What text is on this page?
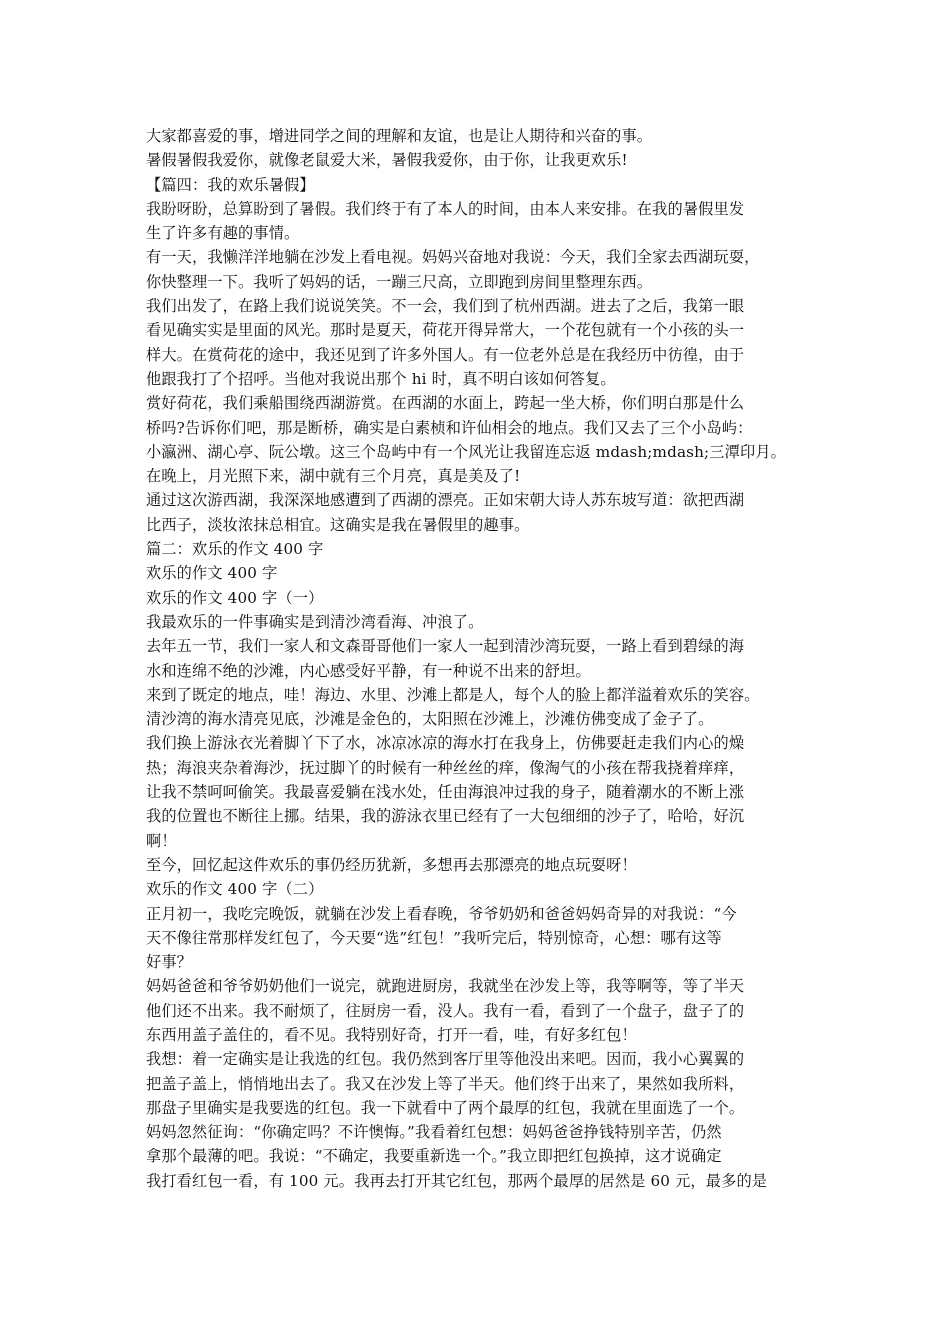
大家都喜爱的事，增进同学之间的理解和友谊，也是让人期待和兴奋的事。
暑假暑假我爱你，就像老鼠爱大米，暑假我爱你，由于你，让我更欢乐!
【篇四：我的欢乐暑假】
我盼呀盼，总算盼到了暑假。我们终于有了本人的时间，由本人来安排。在我的暑假里发
生了许多有趣的事情。
有一天，我懒洋洋地躺在沙发上看电视。妈妈兴奋地对我说：今天，我们全家去西湖玩耍，
你快整理一下。我听了妈妈的话，一蹦三尺高，立即跑到房间里整理东西。
我们出发了，在路上我们说说笑笑。不一会，我们到了杭州西湖。进去了之后，我第一眼
看见确实实是里面的风光。那时是夏天，荷花开得异常大，一个花包就有一个小孩的头一
样大。在赏荷花的途中，我还见到了许多外国人。有一位老外总是在我经历中彷徨，由于
他跟我打了个招呼。当他对我说出那个 hi 时，真不明白该如何答复。
赏好荷花，我们乘船围绕西湖游赏。在西湖的水面上，跨起一坐大桥，你们明白那是什么
桥吗?告诉你们吧，那是断桥，确实是白素桢和许仙相会的地点。我们又去了三个小岛屿：
小瀛洲、湖心亭、阮公墩。这三个岛屿中有一个风光让我留连忘返 mdash;mdash;三潭印月。
在晚上，月光照下来，湖中就有三个月亮，真是美及了!
通过这次游西湖，我深深地感遭到了西湖的漂亮。正如宋朝大诗人苏东坡写道：欲把西湖
比西子，淡妆浓抹总相宜。这确实是我在暑假里的趣事。
篇二：欢乐的作文 400 字
欢乐的作文 400 字
欢乐的作文 400 字（一）
我最欢乐的一件事确实是到清沙湾看海、冲浪了。
去年五一节，我们一家人和文森哥哥他们一家人一起到清沙湾玩耍，一路上看到碧绿的海
水和连绵不绝的沙滩，内心感受好平静，有一种说不出来的舒坦。
来到了既定的地点，哇！海边、水里、沙滩上都是人，每个人的脸上都洋溢着欢乐的笑容。
清沙湾的海水清亮见底，沙滩是金色的，太阳照在沙滩上，沙滩仿佛变成了金子了。
我们换上游泳衣光着脚丫下了水，冰凉冰凉的海水打在我身上，仿佛要赶走我们内心的燥
热；海浪夹杂着海沙，抚过脚丫的时候有一种丝丝的痒，像淘气的小孩在帮我挠着痒痒，
让我不禁呵呵偷笑。我最喜爱躺在浅水处，任由海浪冲过我的身子，随着潮水的不断上涨
我的位置也不断往上挪。结果，我的游泳衣里已经有了一大包细细的沙子了，哈哈，好沉
啊！
至今，回忆起这件欢乐的事仍经历犹新，多想再去那漂亮的地点玩耍呀！
欢乐的作文 400 字（二）
正月初一，我吃完晚饭，就躺在沙发上看春晚，爷爷奶奶和爸爸妈妈奇异的对我说：“今
天不像往常那样发红包了，今天要“选”红包！”我听完后，特别惊奇，心想：哪有这等
好事？
妈妈爸爸和爷爷奶奶他们一说完，就跑进厨房，我就坐在沙发上等，我等啊等，等了半天
他们还不出来。我不耐烦了，往厨房一看，没人。我有一看，看到了一个盘子，盘子了的
东西用盖子盖住的，看不见。我特别好奇，打开一看，哇，有好多红包！
我想：着一定确实是让我选的红包。我仍然到客厅里等他没出来吧。因而，我小心翼翼的
把盖子盖上，悄悄地出去了。我又在沙发上等了半天。他们终于出来了，果然如我所料，
那盘子里确实是我要选的红包。我一下就看中了两个最厚的红包，我就在里面选了一个。
妈妈忽然征询：“你确定吗？不许懊悔。”我看着红包想：妈妈爸爸挣钱特别辛苦，仍然
拿那个最薄的吧。我说：“不确定，我要重新选一个。”我立即把红包换掉，这才说确定
我打看红包一看，有 100 元。我再去打开其它红包，那两个最厚的居然是 60 元，最多的是
